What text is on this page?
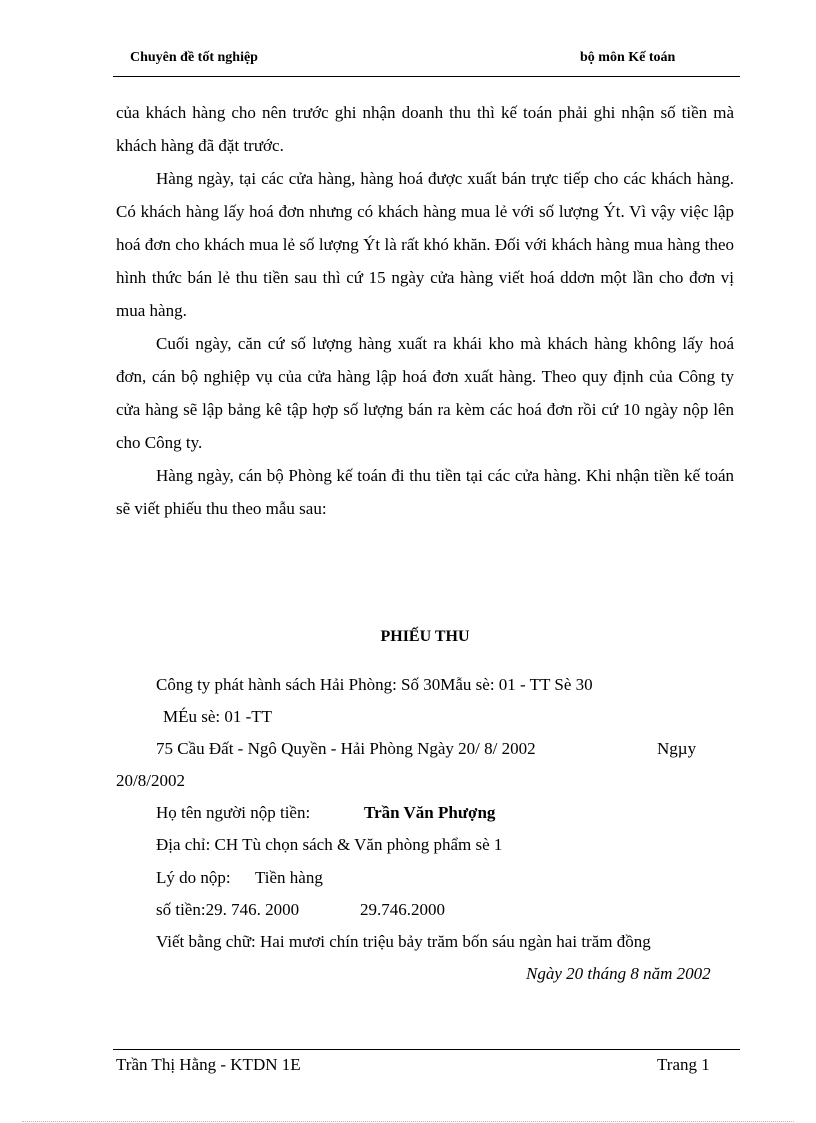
Chuyên đề tốt nghiệp	bộ môn Kế toán

của khách hàng cho nên trước ghi nhận doanh thu thì kế toán phải ghi nhận số tiền mà khách hàng đã đặt trước.

Hàng ngày, tại các cửa hàng, hàng hoá được xuất bán trực tiếp cho các khách hàng. Có khách hàng lấy hoá đơn nhưng có khách hàng mua lẻ với số lượng Ýt. Vì vậy việc lập hoá đơn cho khách mua lẻ số lượng Ýt là rất khó khăn. Đối với khách hàng mua hàng theo hình thức bán lẻ thu tiền sau thì cứ 15 ngày cửa hàng viết hoá ddơn một lần cho đơn vị mua hàng.

Cuối ngày, căn cứ số lượng hàng xuất ra khái kho mà khách hàng không lấy hoá đơn, cán bộ nghiệp vụ của cửa hàng lập hoá đơn xuất hàng. Theo quy định của Công ty cửa hàng sẽ lập bảng kê tập hợp số lượng bán ra kèm các hoá đơn rồi cứ 10 ngày nộp lên cho Công ty.

Hàng ngày, cán bộ Phòng kế toán đi thu tiền tại các cửa hàng. Khi nhận tiền kế toán sẽ viết phiếu thu theo mẫu sau:

PHIẾU THU
Công ty phát hành sách Hải Phòng: Số 30Mẫu sè: 01 - TT Sè 30
MÉu sè: 01 -TT
75 Cầu Đất - Ngô Quyền - Hải Phòng Ngày 20/ 8/ 2002	Ngµy
20/8/2002
Họ tên người nộp tiền:	Trần Văn Phượng
Địa chỉ: CH Tù chọn sách & Văn phòng phẩm sè 1
Lý do nộp: Tiền hàng
số tiền:29. 746. 2000	29.746.2000
Viết bằng chữ: Hai mươi chín triệu bảy trăm bốn sáu ngàn hai trăm đồng
Ngày 20 tháng 8 năm 2002
Trần Thị Hằng - KTDN 1E	Trang 1
